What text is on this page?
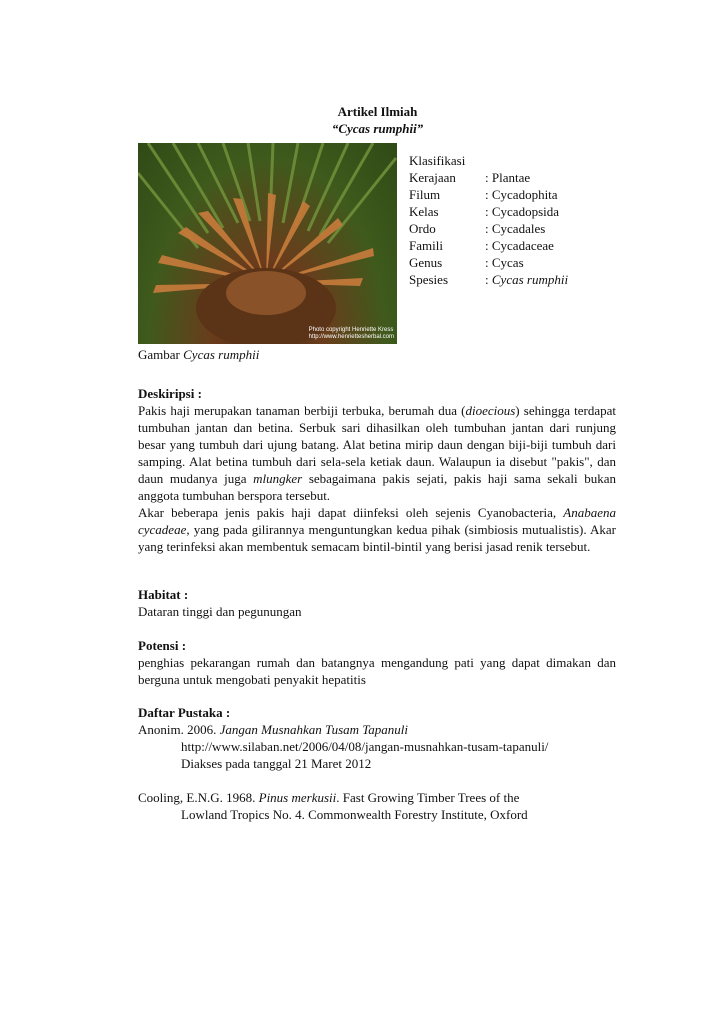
Artikel Ilmiah
“Cycas rumphii”
Photo copyright Henriette Kress
http://www.henriettesherbal.com
Gambar Cycas rumphii
Klasifikasi
Kerajaan	: Plantae
Filum	: Cycadophita
Kelas	: Cycadopsida
Ordo	: Cycadales
Famili	: Cycadaceae
Genus	: Cycas
Spesies	: Cycas rumphii
Deskiripsi :

Pakis haji merupakan tanaman berbiji terbuka, berumah dua (dioecious) sehingga terdapat tumbuhan jantan dan betina. Serbuk sari dihasilkan oleh tumbuhan jantan dari runjung besar yang tumbuh dari ujung batang. Alat betina mirip daun dengan biji-biji tumbuh dari samping. Alat betina tumbuh dari sela-sela ketiak daun. Walaupun ia disebut "pakis", dan daun mudanya juga mlungker sebagaimana pakis sejati, pakis haji sama sekali bukan anggota tumbuhan berspora tersebut.

Akar beberapa jenis pakis haji dapat diinfeksi oleh sejenis Cyanobacteria, Anabaena cycadeae, yang pada gilirannya menguntungkan kedua pihak (simbiosis mutualistis). Akar yang terinfeksi akan membentuk semacam bintil-bintil yang berisi jasad renik tersebut.

Habitat :
Dataran tinggi dan pegunungan
Potensi :

penghias pekarangan rumah dan batangnya mengandung pati yang dapat dimakan dan berguna untuk mengobati penyakit hepatitis

Daftar Pustaka :
Anonim. 2006. Jangan Musnahkan Tusam Tapanuli
http://www.silaban.net/2006/04/08/jangan-musnahkan-tusam-tapanuli/
Diakses pada tanggal 21 Maret 2012
Cooling, E.N.G. 1968. Pinus merkusii. Fast Growing Timber Trees of the
Lowland Tropics No. 4. Commonwealth Forestry Institute, Oxford
